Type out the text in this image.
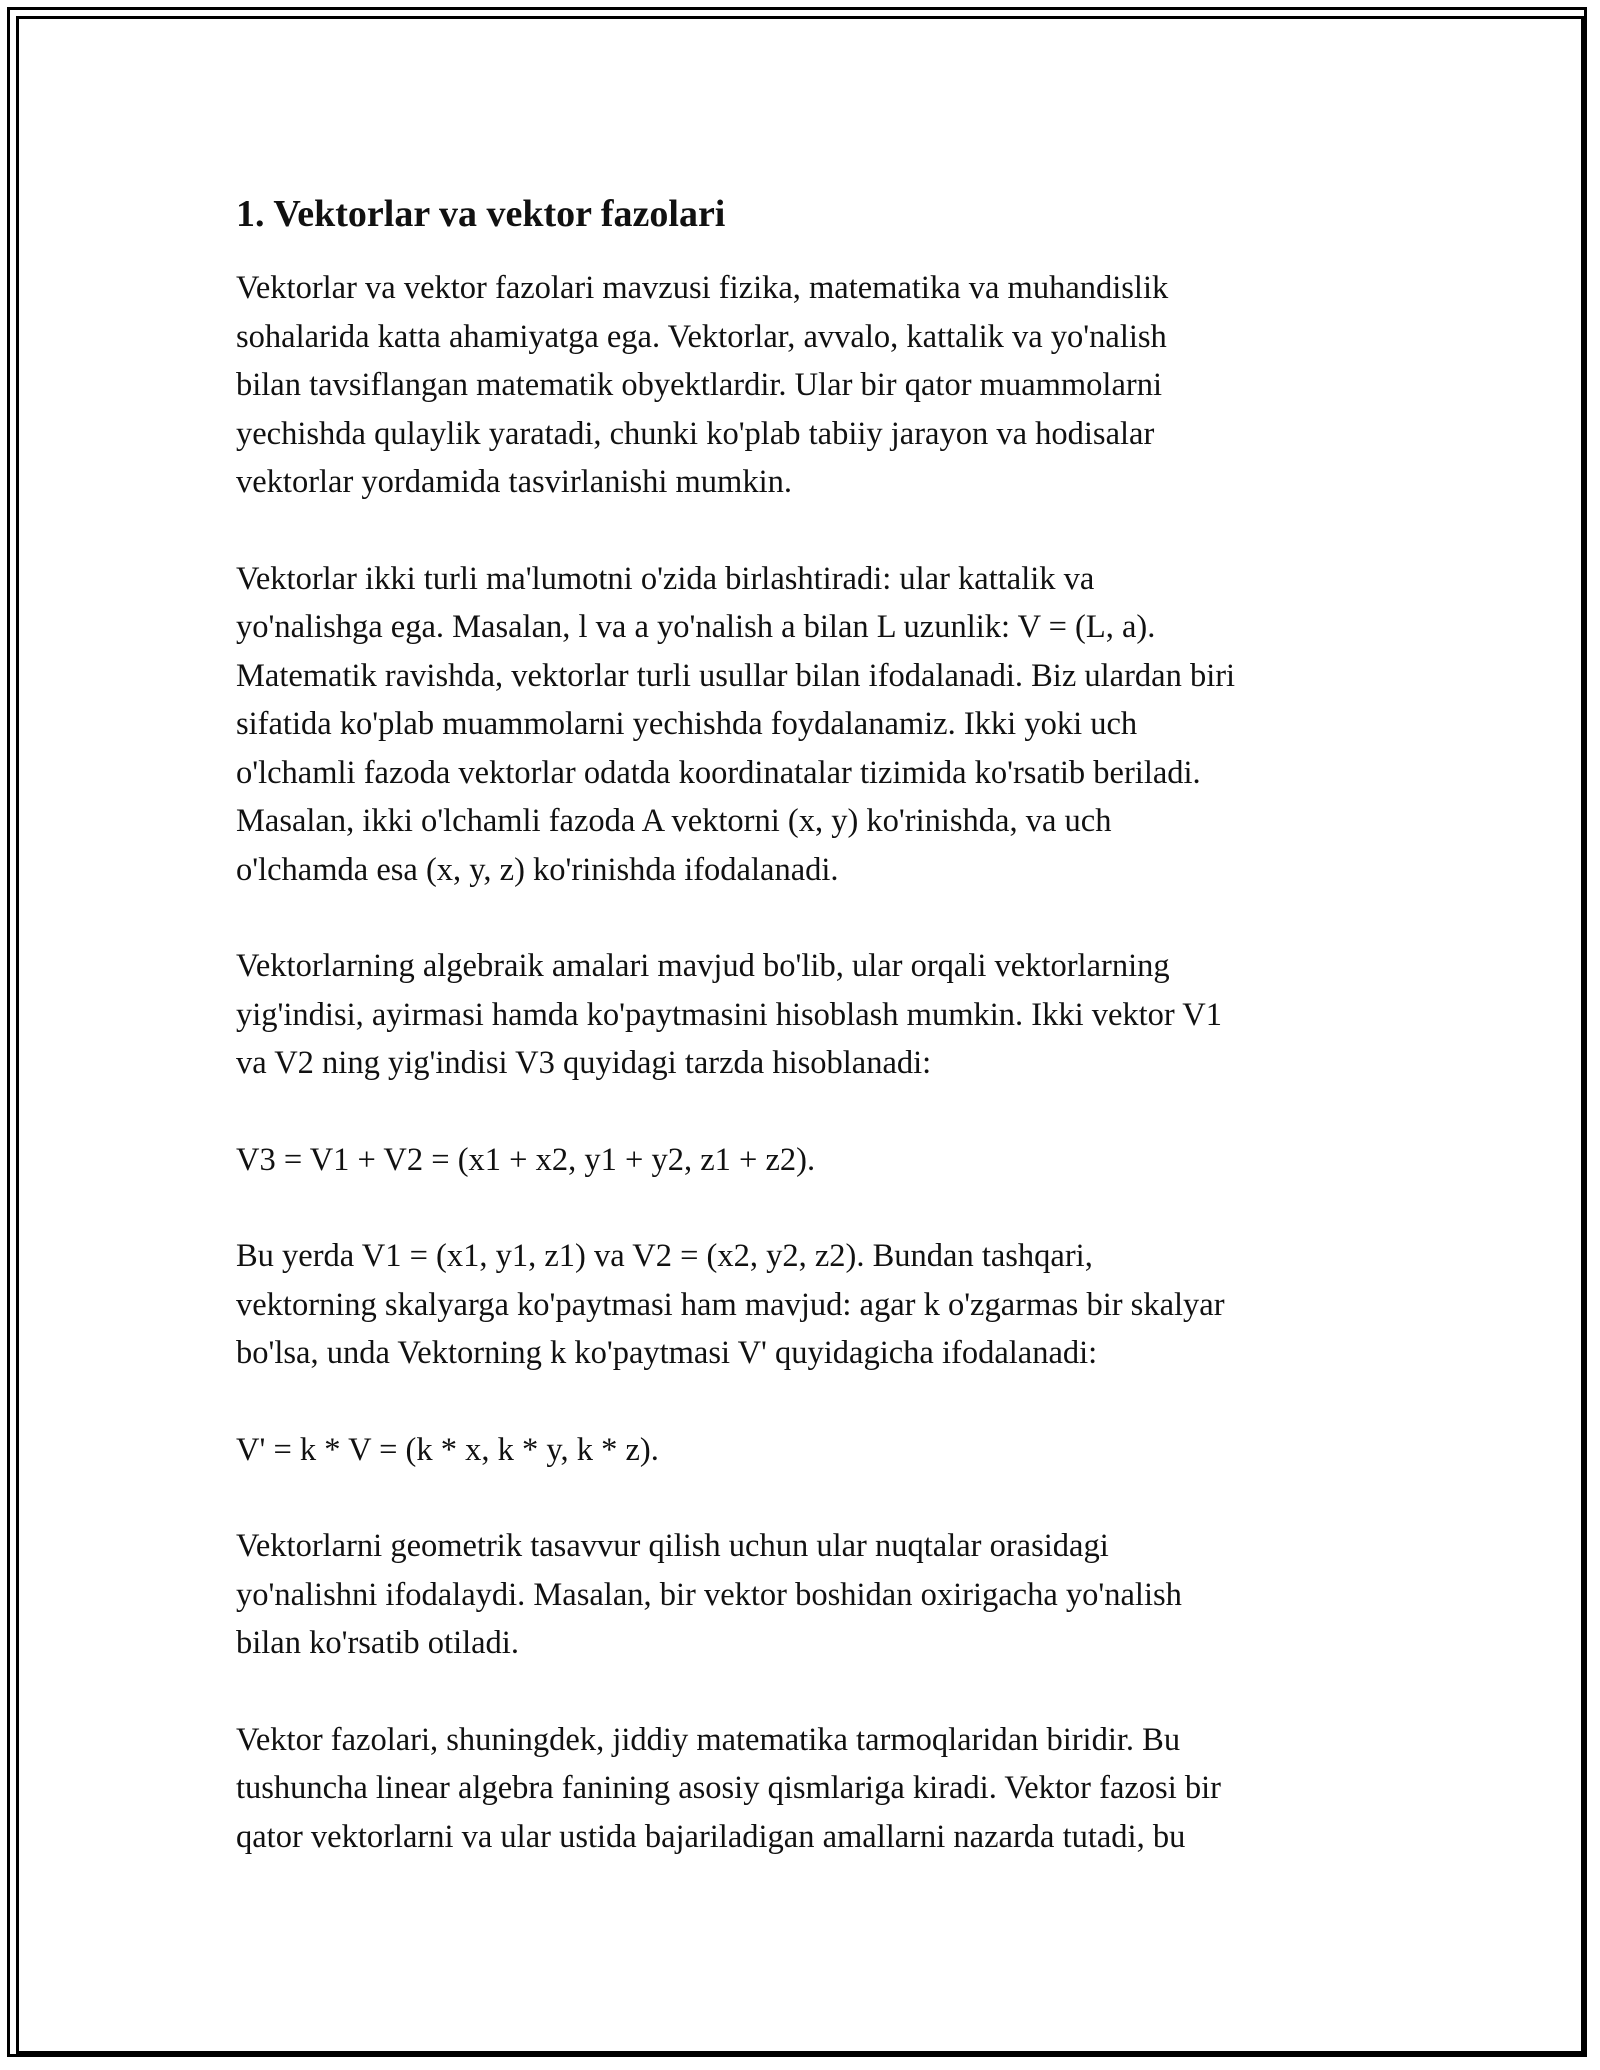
1. Vektorlar va vektor fazolari

Vektorlar va vektor fazolari mavzusi fizika, matematika va muhandislik
sohalarida katta ahamiyatga ega. Vektorlar, avvalo, kattalik va yo'nalish
bilan tavsiflangan matematik obyektlardir. Ular bir qator muammolarni
yechishda qulaylik yaratadi, chunki ko'plab tabiiy jarayon va hodisalar
vektorlar yordamida tasvirlanishi mumkin.

Vektorlar ikki turli ma'lumotni o'zida birlashtiradi: ular kattalik va
yo'nalishga ega. Masalan, l va a yo'nalish a bilan L uzunlik: V = (L, a).
Matematik ravishda, vektorlar turli usullar bilan ifodalanadi. Biz ulardan biri
sifatida ko'plab muammolarni yechishda foydalanamiz. Ikki yoki uch
o'lchamli fazoda vektorlar odatda koordinatalar tizimida ko'rsatib beriladi.
Masalan, ikki o'lchamli fazoda A vektorni (x, y) ko'rinishda, va uch
o'lchamda esa (x, y, z) ko'rinishda ifodalanadi.

Vektorlarning algebraik amalari mavjud bo'lib, ular orqali vektorlarning
yig'indisi, ayirmasi hamda ko'paytmasini hisoblash mumkin. Ikki vektor V1
va V2 ning yig'indisi V3 quyidagi tarzda hisoblanadi:

V3 = V1 + V2 = (x1 + x2, y1 + y2, z1 + z2).

Bu yerda V1 = (x1, y1, z1) va V2 = (x2, y2, z2). Bundan tashqari,
vektorning skalyarga ko'paytmasi ham mavjud: agar k o'zgarmas bir skalyar
bo'lsa, unda Vektorning k ko'paytmasi V' quyidagicha ifodalanadi:

V' = k * V = (k * x, k * y, k * z).

Vektorlarni geometrik tasavvur qilish uchun ular nuqtalar orasidagi
yo'nalishni ifodalaydi. Masalan, bir vektor boshidan oxirigacha yo'nalish
bilan ko'rsatib otiladi.

Vektor fazolari, shuningdek, jiddiy matematika tarmoqlaridan biridir. Bu
tushuncha linear algebra fanining asosiy qismlariga kiradi. Vektor fazosi bir
qator vektorlarni va ular ustida bajariladigan amallarni nazarda tutadi, bu
